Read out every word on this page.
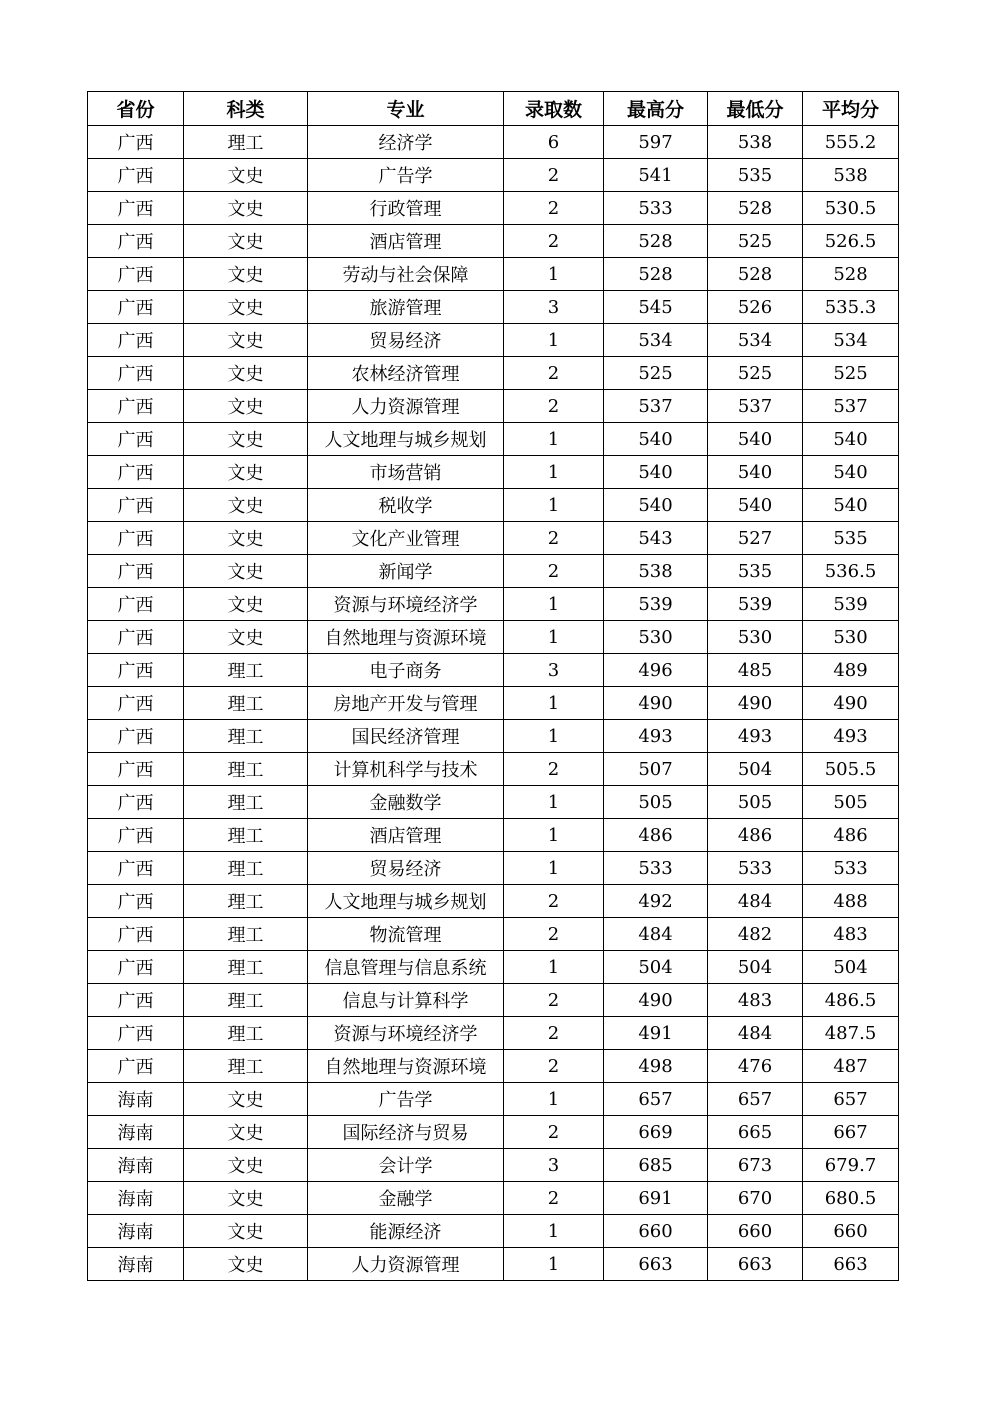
省份	科类	专业	录取数	最高分	最低分	平均分
广西	理工	经济学	6	597	538	555.2
广西	文史	广告学	2	541	535	538
广西	文史	行政管理	2	533	528	530.5
广西	文史	酒店管理	2	528	525	526.5
广西	文史	劳动与社会保障	1	528	528	528
广西	文史	旅游管理	3	545	526	535.3
广西	文史	贸易经济	1	534	534	534
广西	文史	农林经济管理	2	525	525	525
广西	文史	人力资源管理	2	537	537	537
广西	文史	人文地理与城乡规划	1	540	540	540
广西	文史	市场营销	1	540	540	540
广西	文史	税收学	1	540	540	540
广西	文史	文化产业管理	2	543	527	535
广西	文史	新闻学	2	538	535	536.5
广西	文史	资源与环境经济学	1	539	539	539
广西	文史	自然地理与资源环境	1	530	530	530
广西	理工	电子商务	3	496	485	489
广西	理工	房地产开发与管理	1	490	490	490
广西	理工	国民经济管理	1	493	493	493
广西	理工	计算机科学与技术	2	507	504	505.5
广西	理工	金融数学	1	505	505	505
广西	理工	酒店管理	1	486	486	486
广西	理工	贸易经济	1	533	533	533
广西	理工	人文地理与城乡规划	2	492	484	488
广西	理工	物流管理	2	484	482	483
广西	理工	信息管理与信息系统	1	504	504	504
广西	理工	信息与计算科学	2	490	483	486.5
广西	理工	资源与环境经济学	2	491	484	487.5
广西	理工	自然地理与资源环境	2	498	476	487
海南	文史	广告学	1	657	657	657
海南	文史	国际经济与贸易	2	669	665	667
海南	文史	会计学	3	685	673	679.7
海南	文史	金融学	2	691	670	680.5
海南	文史	能源经济	1	660	660	660
海南	文史	人力资源管理	1	663	663	663
